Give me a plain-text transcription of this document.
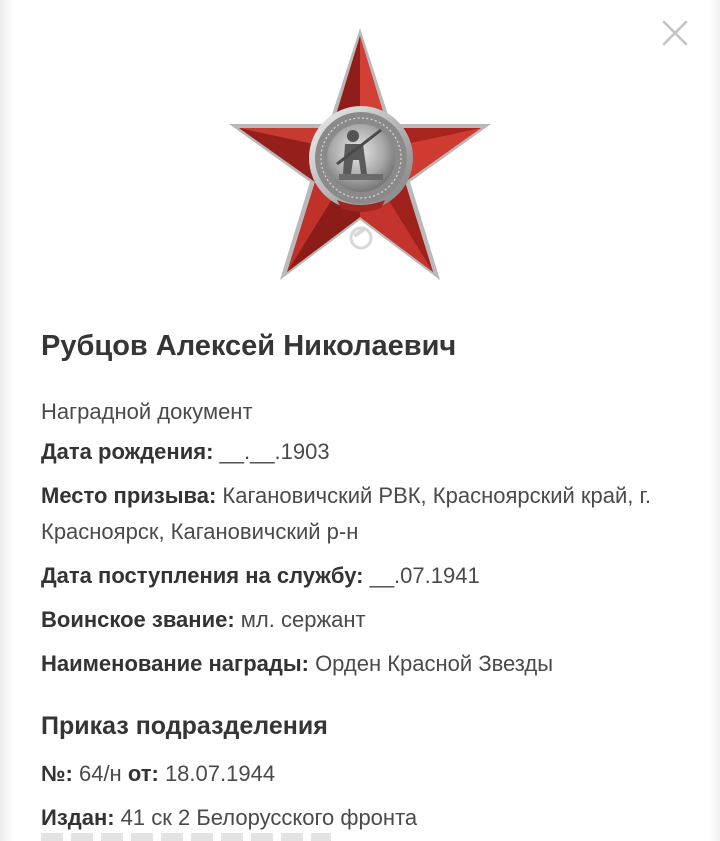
Рубцов Алексей Николаевич
Наградной документ
Дата рождения: __.__.1903
Место призыва: Кагановичский РВК, Красноярский край, г. Красноярск, Кагановичский р-н
Дата поступления на службу: __.07.1941
Воинское звание: мл. сержант
Наименование награды: Орден Красной Звезды
Приказ подразделения
№: 64/н от: 18.07.1944
Издан: 41 ск 2 Белорусского фронта
